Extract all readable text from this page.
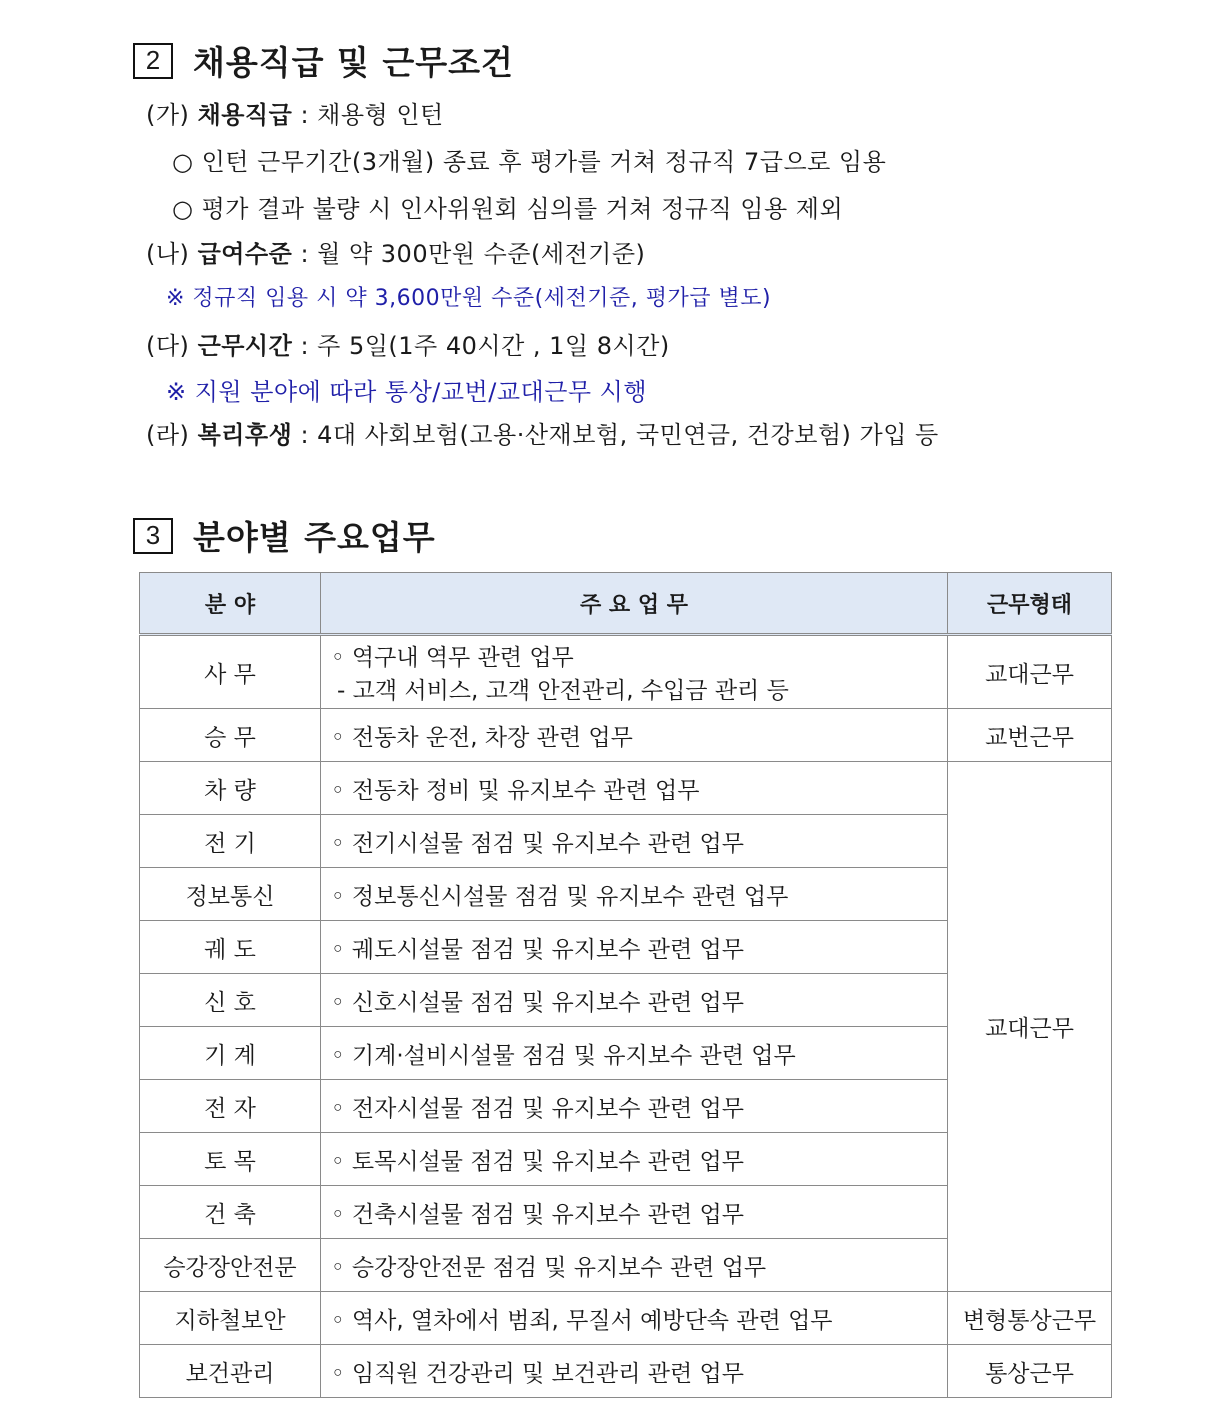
2 채용직급 및 근무조건
(가) 채용직급 : 채용형 인턴
○ 인턴 근무기간(3개월) 종료 후 평가를 거쳐 정규직 7급으로 임용
○ 평가 결과 불량 시 인사위원회 심의를 거쳐 정규직 임용 제외
(나) 급여수준 : 월 약 300만원 수준(세전기준)
※ 정규직 임용 시 약 3,600만원 수준(세전기준, 평가급 별도)
(다) 근무시간 : 주 5일(1주 40시간 , 1일 8시간)
※ 지원 분야에 따라 통상/교번/교대근무 시행
(라) 복리후생 : 4대 사회보험(고용·산재보험, 국민연금, 건강보험) 가입 등
3 분야별 주요업무
분 야	주 요 업 무	근무형태
사 무	◦ 역구내 역무 관련 업무
- 고객 서비스, 고객 안전관리, 수입금 관리 등	교대근무
승 무	◦ 전동차 운전, 차장 관련 업무	교번근무
차 량	◦ 전동차 정비 및 유지보수 관련 업무	교대근무
전 기	◦ 전기시설물 점검 및 유지보수 관련 업무	
정보통신	◦ 정보통신시설물 점검 및 유지보수 관련 업무	
궤 도	◦ 궤도시설물 점검 및 유지보수 관련 업무	
신 호	◦ 신호시설물 점검 및 유지보수 관련 업무	
기 계	◦ 기계·설비시설물 점검 및 유지보수 관련 업무	
전 자	◦ 전자시설물 점검 및 유지보수 관련 업무	
토 목	◦ 토목시설물 점검 및 유지보수 관련 업무	
건 축	◦ 건축시설물 점검 및 유지보수 관련 업무	
승강장안전문	◦ 승강장안전문 점검 및 유지보수 관련 업무	
지하철보안	◦ 역사, 열차에서 범죄, 무질서 예방단속 관련 업무	변형통상근무
보건관리	◦ 임직원 건강관리 및 보건관리 관련 업무	통상근무
